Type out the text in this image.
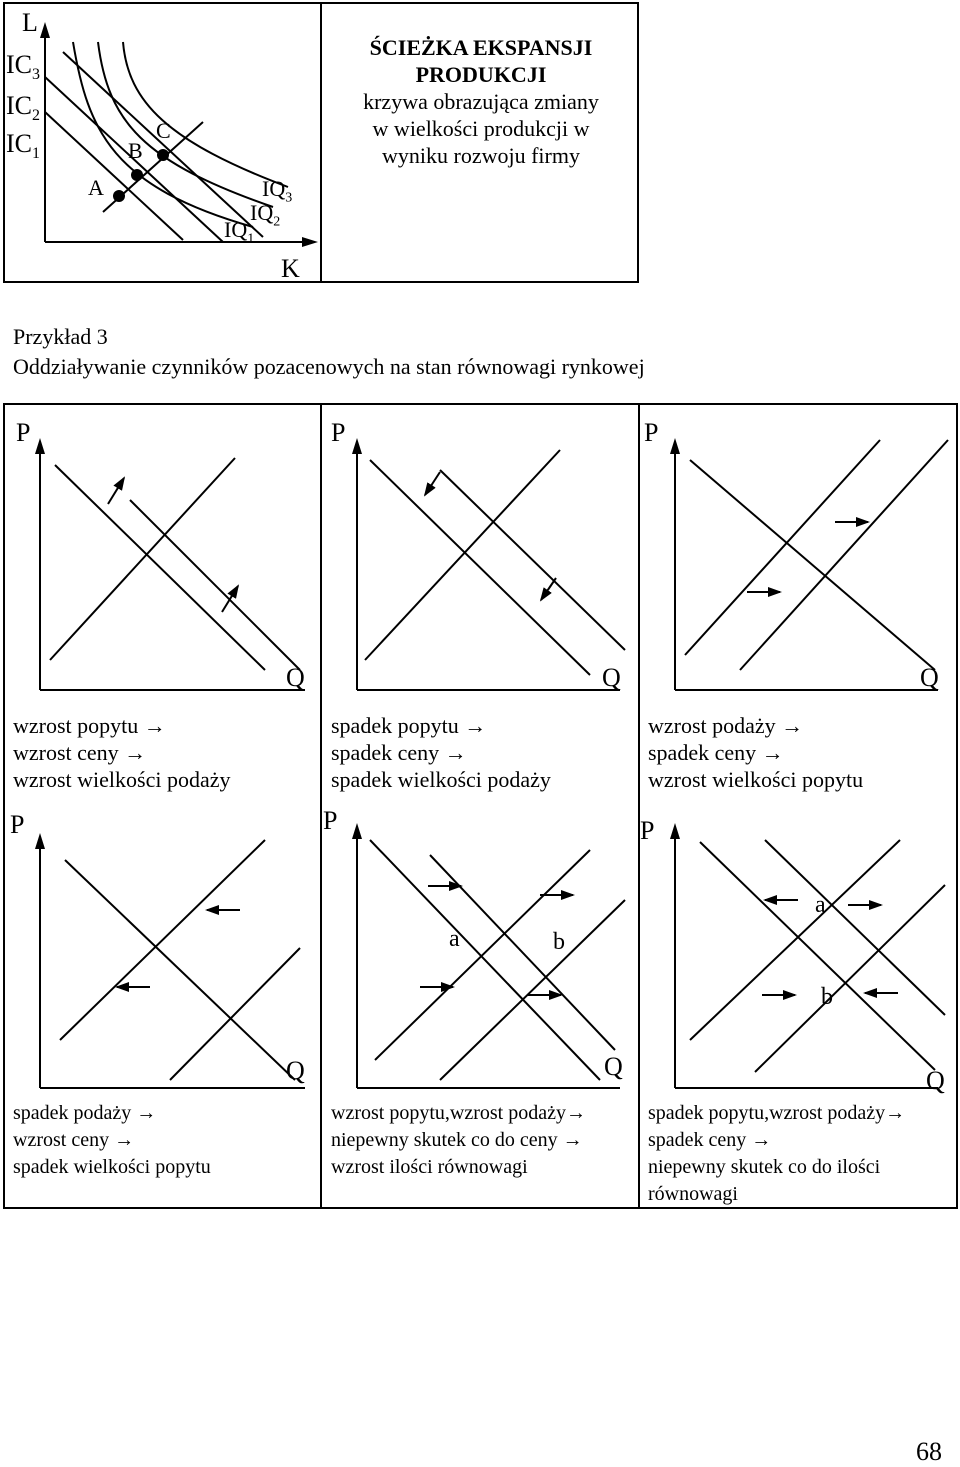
L
K
$IC_3$
$IC_2$
$IC_1$
A
B
C
$IQ_3$
$IQ_2$
$IQ_1$
ŚCIEŻKA EKSPANSJI
PRODUKCJI
krzywa obrazująca zmiany
w wielkości produkcji w
wyniku rozwoju firmy
Przykład 3
Oddziaływanie czynników pozacenowych na stan równowagi rynkowej
P
Q
P
Q
P
Q
wzrost popytu →
wzrost ceny →
wzrost wielkości podaży
spadek popytu →
spadek ceny →
spadek wielkości podaży
wzrost podaży →
spadek ceny →
wzrost wielkości popytu
P
Q
P
Q
P
Q
a	b
a
b
spadek podaży →
wzrost ceny →
spadek wielkości popytu
wzrost popytu,wzrost podaży→
niepewny skutek co do ceny →
wzrost ilości równowagi
spadek popytu,wzrost podaży→
spadek ceny →
niepewny skutek co do ilości
równowagi
68
